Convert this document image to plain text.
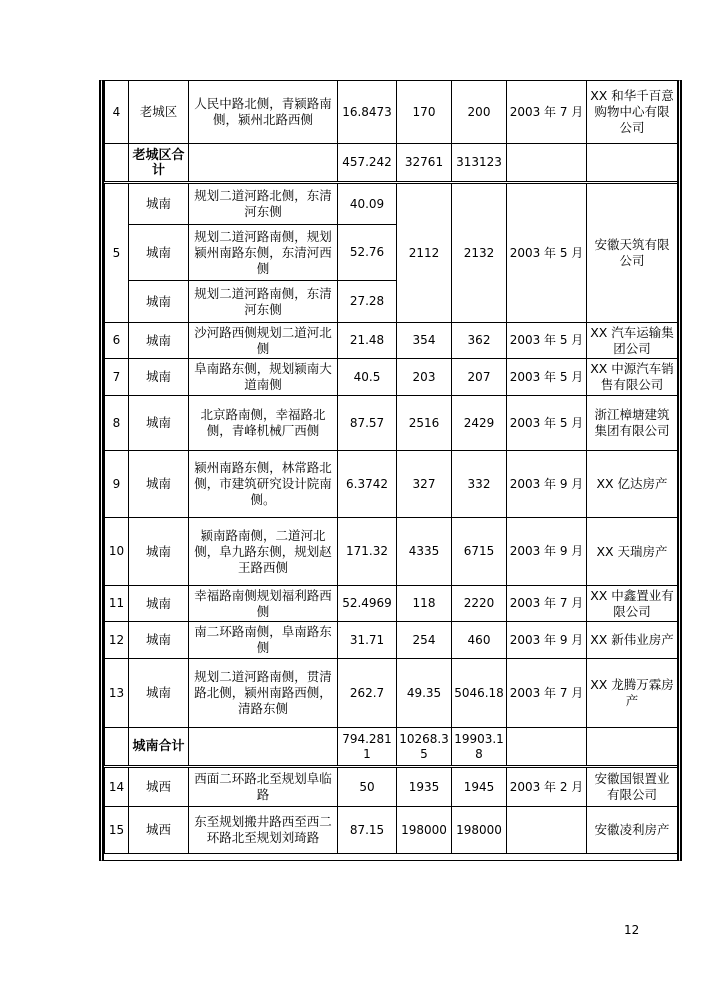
4	老城区	人民中路北侧，青颍路南侧，颍州北路西侧	16.8473	170	200	2003 年 7 月	XX 和华千百意购物中心有限公司
	老城区合计		457.242	32761	313123		
5	城南	规划二道河路北侧，东清河东侧	40.09	2112	2132	2003 年 5 月	安徽天筑有限公司
	城南	规划二道河路南侧，规划颍州南路东侧，东清河西侧	52.76				
	城南	规划二道河路南侧，东清河东侧	27.28				
6	城南	沙河路西侧规划二道河北侧	21.48	354	362	2003 年 5 月	XX 汽车运输集团公司
7	城南	阜南路东侧，规划颍南大道南侧	40.5	203	207	2003 年 5 月	XX 中源汽车销售有限公司
8	城南	北京路南侧，幸福路北侧，青峰机械厂西侧	87.57	2516	2429	2003 年 5 月	浙江樟塘建筑集团有限公司
9	城南	颍州南路东侧，林常路北侧，市建筑研究设计院南侧。	6.3742	327	332	2003 年 9 月	XX 亿达房产
10	城南	颍南路南侧，二道河北侧，阜九路东侧，规划赵王路西侧	171.32	4335	6715	2003 年 9 月	XX 天瑞房产
11	城南	幸福路南侧规划福利路西侧	52.4969	118	2220	2003 年 7 月	XX 中鑫置业有限公司
12	城南	南二环路南侧，阜南路东侧	31.71	254	460	2003 年 9 月	XX 新伟业房产
13	城南	规划二道河路南侧，贯清路北侧，颍州南路西侧，清路东侧	262.7	49.35	5046.18	2003 年 7 月	XX 龙腾万霖房产
	城南合计		794.2811	10268.35	19903.18		
14	城西	西面二环路北至规划阜临路	50	1935	1945	2003 年 2 月	安徽国银置业有限公司
15	城西	东至规划搬井路西至西二环路北至规划刘琦路	87.15	198000	198000		安徽凌利房产
12
